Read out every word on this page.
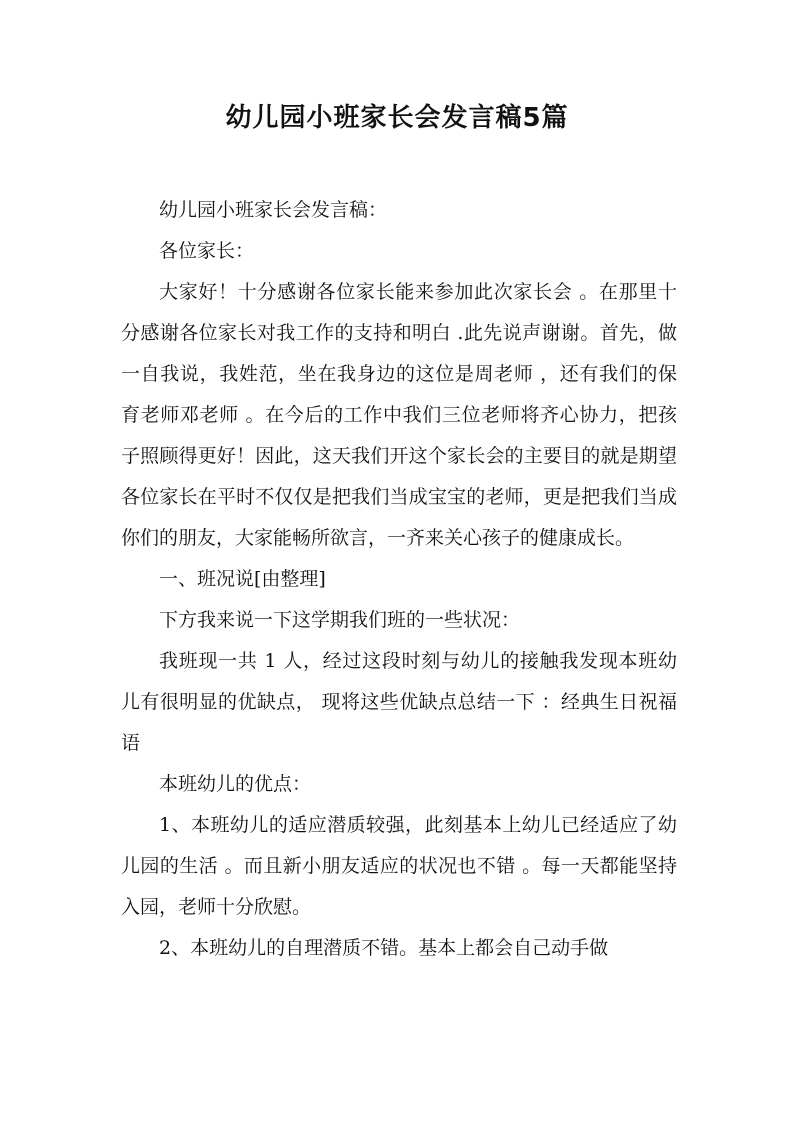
幼儿园小班家长会发言稿5篇

幼儿园小班家长会发言稿：

各位家长：

大家好！十分感谢各位家长能来参加此次家长会 。在那里十分感谢各位家长对我工作的支持和明白 .此先说声谢谢。首先，做一自我说，我姓范，坐在我身边的这位是周老师 ，还有我们的保育老师邓老师 。在今后的工作中我们三位老师将齐心协力，把孩子照顾得更好！因此，这天我们开这个家长会的主要目的就是期望各位家长在平时不仅仅是把我们当成宝宝的老师，更是把我们当成你们的朋友，大家能畅所欲言，一齐来关心孩子的健康成长。

一、班况说[由整理]

下方我来说一下这学期我们班的一些状况：

我班现一共 1 人，经过这段时刻与幼儿的接触我发现本班幼儿有很明显的优缺点， 现将这些优缺点总结一下 ：经典生日祝福语

本班幼儿的优点：

1、本班幼儿的适应潜质较强，此刻基本上幼儿已经适应了幼儿园的生活 。而且新小朋友适应的状况也不错 。每一天都能坚持入园，老师十分欣慰。

2、本班幼儿的自理潜质不错。基本上都会自己动手做
